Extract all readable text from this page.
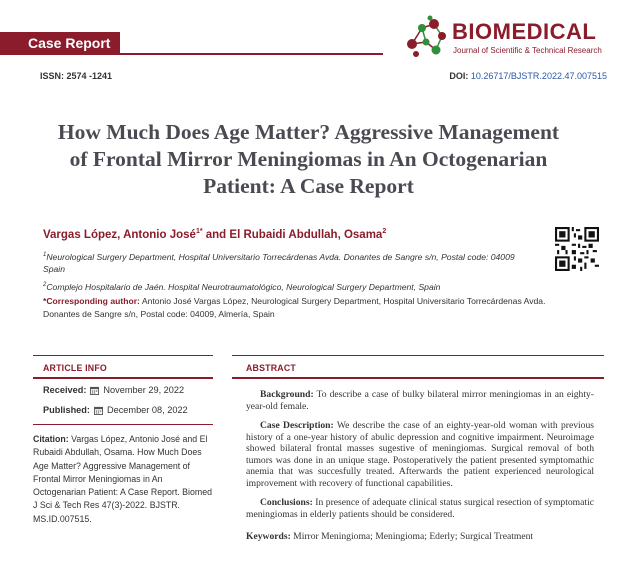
Case Report	BIOMEDICAL
Journal of Scientific & Technical Research
ISSN: 2574 -1241	DOI: 10.26717/BJSTR.2022.47.007515
How Much Does Age Matter? Aggressive Management
of Frontal Mirror Meningiomas in An Octogenarian
Patient: A Case Report
Vargas López, Antonio José$^{1*}$ and El Rubaidi Abdullah, Osama$^2$
$^1$Neurological Surgery Department, Hospital Universitario Torrecárdenas Avda. Donantes de Sangre s/n, Postal code: 04009
Spain
$^2$Complejo Hospitalario de Jaén. Hospital Neurotraumatológico, Neurological Surgery Department, Spain
*Corresponding author: Antonio José Vargas López, Neurological Surgery Department, Hospital Universitario Torrecárdenas Avda. Donantes de Sangre s/n, Postal code: 04009, Almería, Spain
ARTICLE INFO
Received: November 29, 2022
Published: December 08, 2022
Citation: Vargas López, Antonio José and El Rubaidi Abdullah, Osama. How Much Does Age Matter? Aggressive Management of Frontal Mirror Meningiomas in An Octogenarian Patient: A Case Report. Biomed J Sci & Tech Res 47(3)-2022. BJSTR. MS.ID.007515.
ABSTRACT
Background: To describe a case of bulky bilateral mirror meningiomas in an eighty-year-old female.
Case Description: We describe the case of an eighty-year-old woman with previous history of a one-year history of abulic depression and cognitive impairment. Neuroimage showed bilateral frontal masses sugestive of meningiomas. Surgical removal of both tumors was done in an unique stage. Postoperatively the patient presented symptomathic anemia that was succesfully treated. Afterwards the patient experienced neurological improvement with recovery of functional capabilities.
Conclusions: In presence of adequate clinical status surgical resection of symptomatic meningiomas in elderly patients should be considered.
Keywords: Mirror Meningioma; Meningioma; Ederly; Surgical Treatment
